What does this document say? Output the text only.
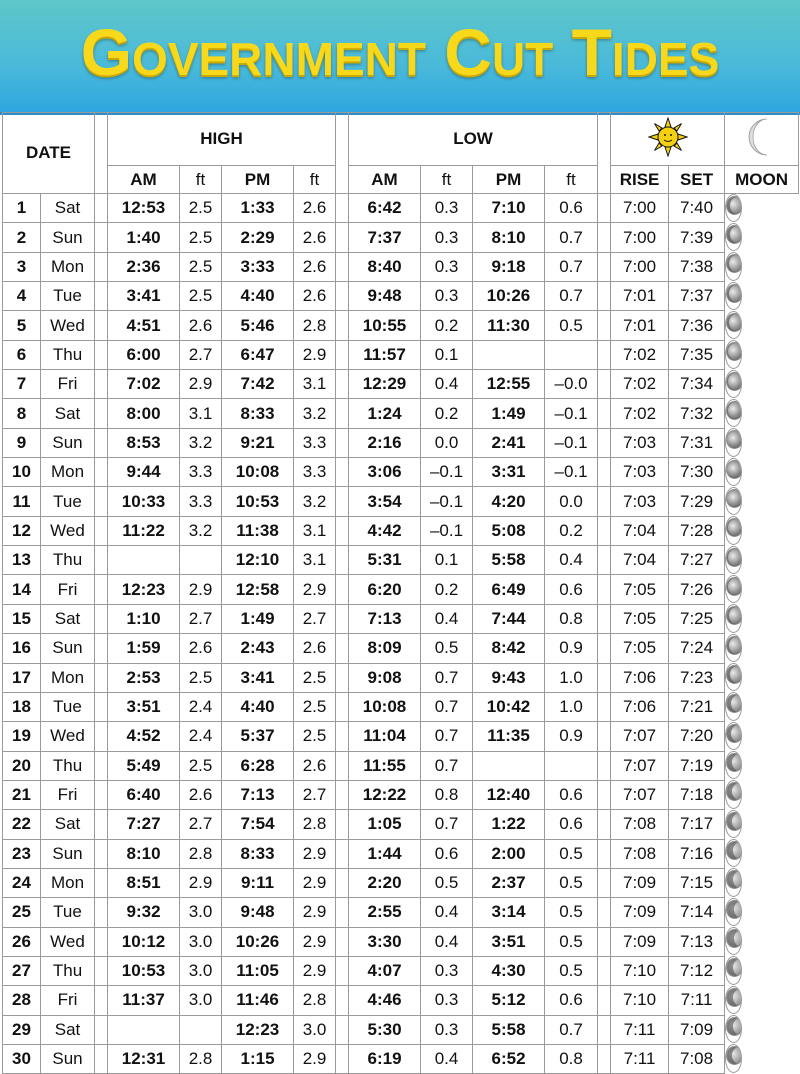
Government Cut Tides
DATE			HIGH					LOW			
			AM	ft	PM	ft		AM	ft	PM	ft		RISE	SET	MOON
1	Sat		12:53	2.5	1:33	2.6		6:42	0.3	7:10	0.6		7:00	7:40	
2	Sun		1:40	2.5	2:29	2.6		7:37	0.3	8:10	0.7		7:00	7:39	
3	Mon		2:36	2.5	3:33	2.6		8:40	0.3	9:18	0.7		7:00	7:38	
4	Tue		3:41	2.5	4:40	2.6		9:48	0.3	10:26	0.7		7:01	7:37	
5	Wed		4:51	2.6	5:46	2.8		10:55	0.2	11:30	0.5		7:01	7:36	
6	Thu		6:00	2.7	6:47	2.9		11:57	0.1				7:02	7:35	
7	Fri		7:02	2.9	7:42	3.1		12:29	0.4	12:55	–0.0		7:02	7:34	
8	Sat		8:00	3.1	8:33	3.2		1:24	0.2	1:49	–0.1		7:02	7:32	
9	Sun		8:53	3.2	9:21	3.3		2:16	0.0	2:41	–0.1		7:03	7:31	
10	Mon		9:44	3.3	10:08	3.3		3:06	–0.1	3:31	–0.1		7:03	7:30	
11	Tue		10:33	3.3	10:53	3.2		3:54	–0.1	4:20	0.0		7:03	7:29	
12	Wed		11:22	3.2	11:38	3.1		4:42	–0.1	5:08	0.2		7:04	7:28	
13	Thu				12:10	3.1		5:31	0.1	5:58	0.4		7:04	7:27	
14	Fri		12:23	2.9	12:58	2.9		6:20	0.2	6:49	0.6		7:05	7:26	
15	Sat		1:10	2.7	1:49	2.7		7:13	0.4	7:44	0.8		7:05	7:25	
16	Sun		1:59	2.6	2:43	2.6		8:09	0.5	8:42	0.9		7:05	7:24	
17	Mon		2:53	2.5	3:41	2.5		9:08	0.7	9:43	1.0		7:06	7:23	
18	Tue		3:51	2.4	4:40	2.5		10:08	0.7	10:42	1.0		7:06	7:21	
19	Wed		4:52	2.4	5:37	2.5		11:04	0.7	11:35	0.9		7:07	7:20	
20	Thu		5:49	2.5	6:28	2.6		11:55	0.7				7:07	7:19	
21	Fri		6:40	2.6	7:13	2.7		12:22	0.8	12:40	0.6		7:07	7:18	
22	Sat		7:27	2.7	7:54	2.8		1:05	0.7	1:22	0.6		7:08	7:17	
23	Sun		8:10	2.8	8:33	2.9		1:44	0.6	2:00	0.5		7:08	7:16	
24	Mon		8:51	2.9	9:11	2.9		2:20	0.5	2:37	0.5		7:09	7:15	
25	Tue		9:32	3.0	9:48	2.9		2:55	0.4	3:14	0.5		7:09	7:14	
26	Wed		10:12	3.0	10:26	2.9		3:30	0.4	3:51	0.5		7:09	7:13	
27	Thu		10:53	3.0	11:05	2.9		4:07	0.3	4:30	0.5		7:10	7:12	
28	Fri		11:37	3.0	11:46	2.8		4:46	0.3	5:12	0.6		7:10	7:11	
29	Sat				12:23	3.0		5:30	0.3	5:58	0.7		7:11	7:09	
30	Sun		12:31	2.8	1:15	2.9		6:19	0.4	6:52	0.8		7:11	7:08	
